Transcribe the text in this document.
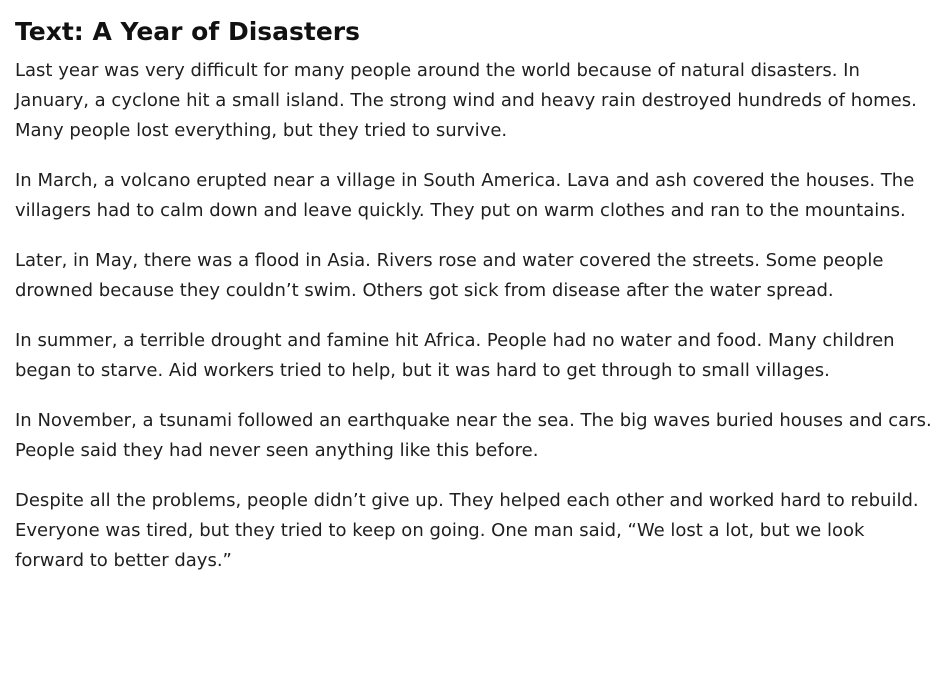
Text: A Year of Disasters

Last year was very difficult for many people around the world because of natural disasters. In January, a cyclone hit a small island. The strong wind and heavy rain destroyed hundreds of homes. Many people lost everything, but they tried to survive.

In March, a volcano erupted near a village in South America. Lava and ash covered the houses. The villagers had to calm down and leave quickly. They put on warm clothes and ran to the mountains.

Later, in May, there was a flood in Asia. Rivers rose and water covered the streets. Some people drowned because they couldn’t swim. Others got sick from disease after the water spread.

In summer, a terrible drought and famine hit Africa. People had no water and food. Many children began to starve. Aid workers tried to help, but it was hard to get through to small villages.

In November, a tsunami followed an earthquake near the sea. The big waves buried houses and cars. People said they had never seen anything like this before.

Despite all the problems, people didn’t give up. They helped each other and worked hard to rebuild. Everyone was tired, but they tried to keep on going. One man said, “We lost a lot, but we look forward to better days.”
